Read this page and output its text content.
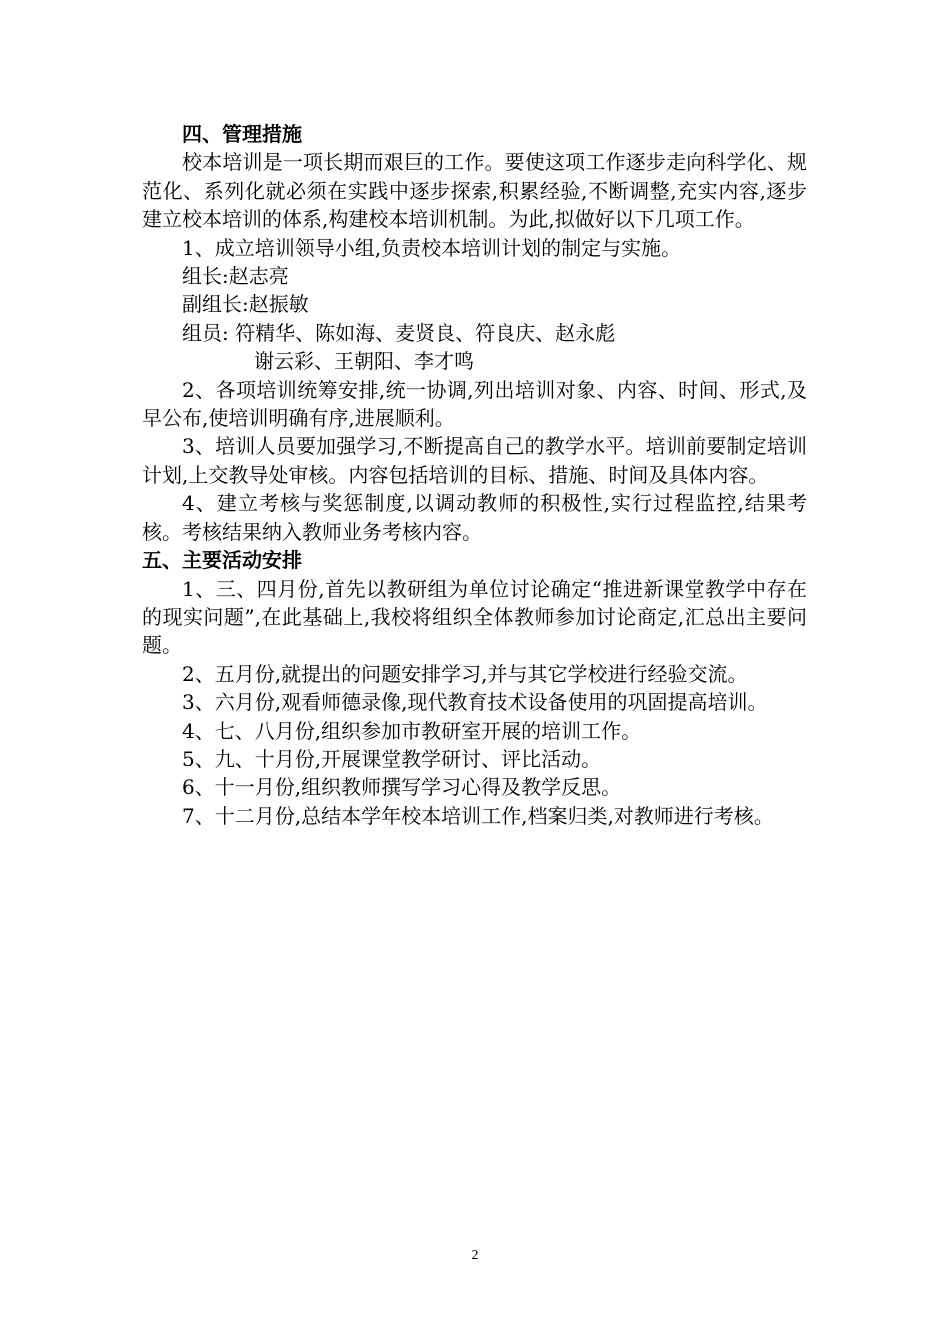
四、管理措施

校本培训是一项长期而艰巨的工作。要使这项工作逐步走向科学化、规范化、系列化就必须在实践中逐步探索,积累经验,不断调整,充实内容,逐步建立校本培训的体系,构建校本培训机制。为此,拟做好以下几项工作。

1、成立培训领导小组,负责校本培训计划的制定与实施。

组长:赵志亮

副组长:赵振敏

组员: 符精华、陈如海、麦贤良、符良庆、赵永彪

谢云彩、王朝阳、李才鸣

2、各项培训统筹安排,统一协调,列出培训对象、内容、时间、形式,及早公布,使培训明确有序,进展顺利。

3、培训人员要加强学习,不断提高自己的教学水平。培训前要制定培训计划,上交教导处审核。内容包括培训的目标、措施、时间及具体内容。

4、建立考核与奖惩制度,以调动教师的积极性,实行过程监控,结果考核。考核结果纳入教师业务考核内容。

五、主要活动安排

1、三、四月份,首先以教研组为单位讨论确定“推进新课堂教学中存在的现实问题”,在此基础上,我校将组织全体教师参加讨论商定,汇总出主要问题。

2、五月份,就提出的问题安排学习,并与其它学校进行经验交流。

3、六月份,观看师德录像,现代教育技术设备使用的巩固提高培训。

4、七、八月份,组织参加市教研室开展的培训工作。

5、九、十月份,开展课堂教学研讨、评比活动。

6、十一月份,组织教师撰写学习心得及教学反思。

7、十二月份,总结本学年校本培训工作,档案归类,对教师进行考核。

2
